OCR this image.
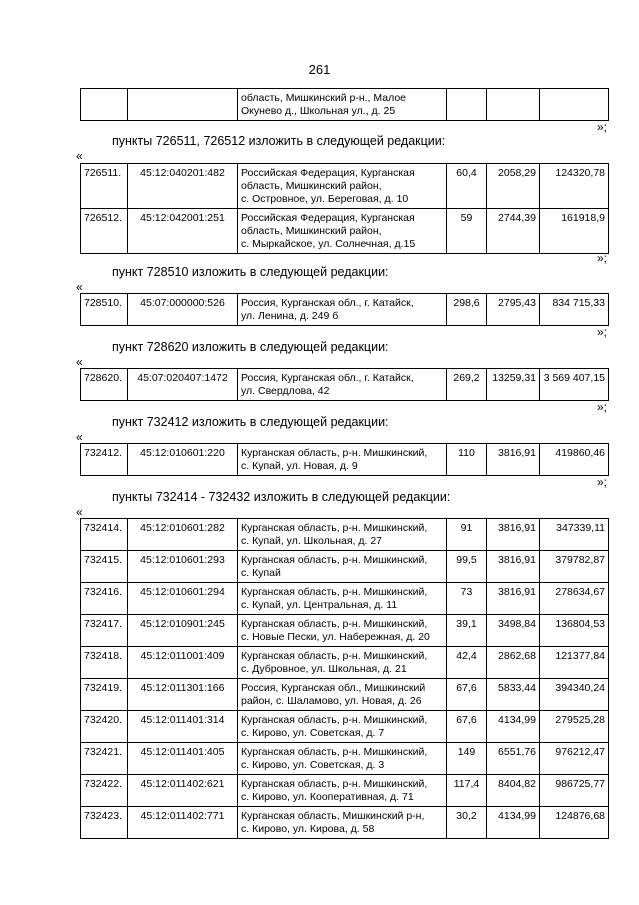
261
		область, Мишкинский р-н., Малое
Окунево д., Школьная ул., д. 25			
»;
пункты 726511, 726512 изложить в следующей редакции:
«
726511.	45:12:040201:482	Российская Федерация, Курганская
область, Мишкинский район,
с. Островное, ул. Береговая, д. 10	60,4	2058,29	124320,78
726512.	45:12:042001:251	Российская Федерация, Курганская
область, Мишкинский район,
с. Мыркайское, ул. Солнечная, д.15	59	2744,39	161918,9
»;
пункт 728510 изложить в следующей редакции:
«
728510.	45:07:000000:526	Россия, Курганская обл., г. Катайск,
ул. Ленина, д. 249 б	298,6	2795,43	834 715,33
»;
пункт 728620 изложить в следующей редакции:
«
728620.	45:07:020407:1472	Россия, Курганская обл., г. Катайск,
ул. Свердлова, 42	269,2	13259,31	3 569 407,15
»;
пункт 732412 изложить в следующей редакции:
«
732412.	45:12:010601:220	Курганская область, р-н. Мишкинский,
с. Купай, ул. Новая, д. 9	110	3816,91	419860,46
»;
пункты 732414 - 732432 изложить в следующей редакции:
«
732414.	45:12:010601:282	Курганская область, р-н. Мишкинский,
с. Купай, ул. Школьная, д. 27	91	3816,91	347339,11
732415.	45:12:010601:293	Курганская область, р-н. Мишкинский,
с. Купай	99,5	3816,91	379782,87
732416.	45:12:010601:294	Курганская область, р-н. Мишкинский,
с. Купай, ул. Центральная, д. 11	73	3816,91	278634,67
732417.	45:12:010901:245	Курганская область, р-н. Мишкинский,
с. Новые Пески, ул. Набережная, д. 20	39,1	3498,84	136804,53
732418.	45:12:011001:409	Курганская область, р-н. Мишкинский,
с. Дубровное, ул. Школьная, д. 21	42,4	2862,68	121377,84
732419.	45:12:011301:166	Россия, Курганская обл., Мишкинский
район, с. Шаламово, ул. Новая, д. 26	67,6	5833,44	394340,24
732420.	45:12:011401:314	Курганская область, р-н. Мишкинский,
с. Кирово, ул. Советская, д. 7	67,6	4134,99	279525,28
732421.	45:12:011401:405	Курганская область, р-н. Мишкинский,
с. Кирово, ул. Советская, д. 3	149	6551,76	976212,47
732422.	45:12:011402:621	Курганская область, р-н. Мишкинский,
с. Кирово, ул. Кооперативная, д. 71	117,4	8404,82	986725,77
732423.	45:12:011402:771	Курганская область, Мишкинский р-н,
с. Кирово, ул. Кирова, д. 58	30,2	4134,99	124876,68
